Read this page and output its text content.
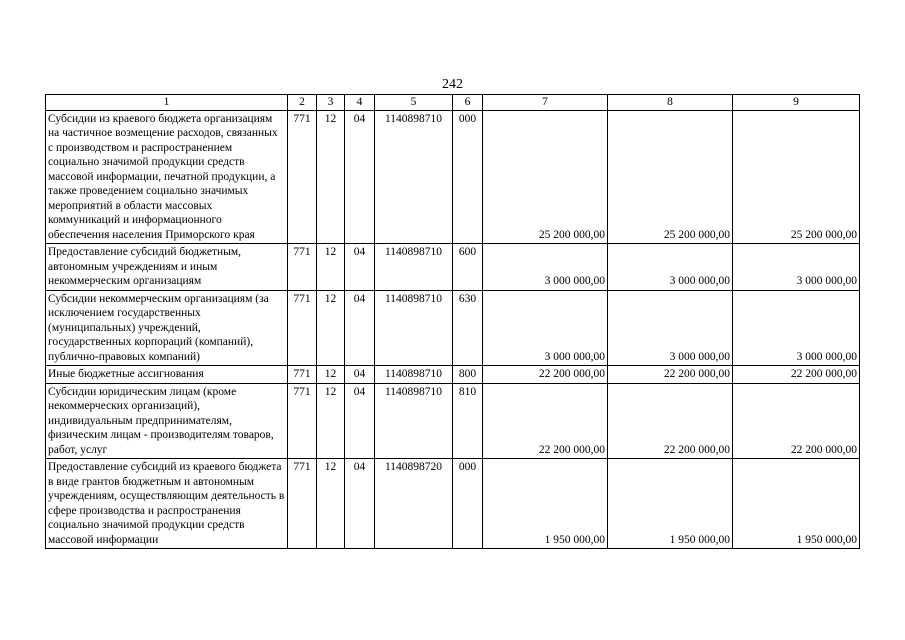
242
1	2	3	4	5	6	7	8	9
Субсидии из краевого бюджета организациям на частичное возмещение расходов, связанных с производством и распространением социально значимой продукции средств массовой информации, печатной продукции, а также проведением социально значимых мероприятий в области массовых коммуникаций и информационного обеспечения населения Приморского края	771	12	04	1140898710	000	25 200 000,00	25 200 000,00	25 200 000,00
Предоставление субсидий бюджетным, автономным учреждениям и иным некоммерческим организациям	771	12	04	1140898710	600	3 000 000,00	3 000 000,00	3 000 000,00
Субсидии некоммерческим организациям (за исключением государственных (муниципальных) учреждений, государственных корпораций (компаний), публично-правовых компаний)	771	12	04	1140898710	630	3 000 000,00	3 000 000,00	3 000 000,00
Иные бюджетные ассигнования	771	12	04	1140898710	800	22 200 000,00	22 200 000,00	22 200 000,00
Субсидии юридическим лицам (кроме некоммерческих организаций), индивидуальным предпринимателям, физическим лицам - производителям товаров, работ, услуг	771	12	04	1140898710	810	22 200 000,00	22 200 000,00	22 200 000,00
Предоставление субсидий из краевого бюджета в виде грантов бюджетным и автономным учреждениям, осуществляющим деятельность в сфере производства и распространения социально значимой продукции средств массовой информации	771	12	04	1140898720	000	1 950 000,00	1 950 000,00	1 950 000,00
